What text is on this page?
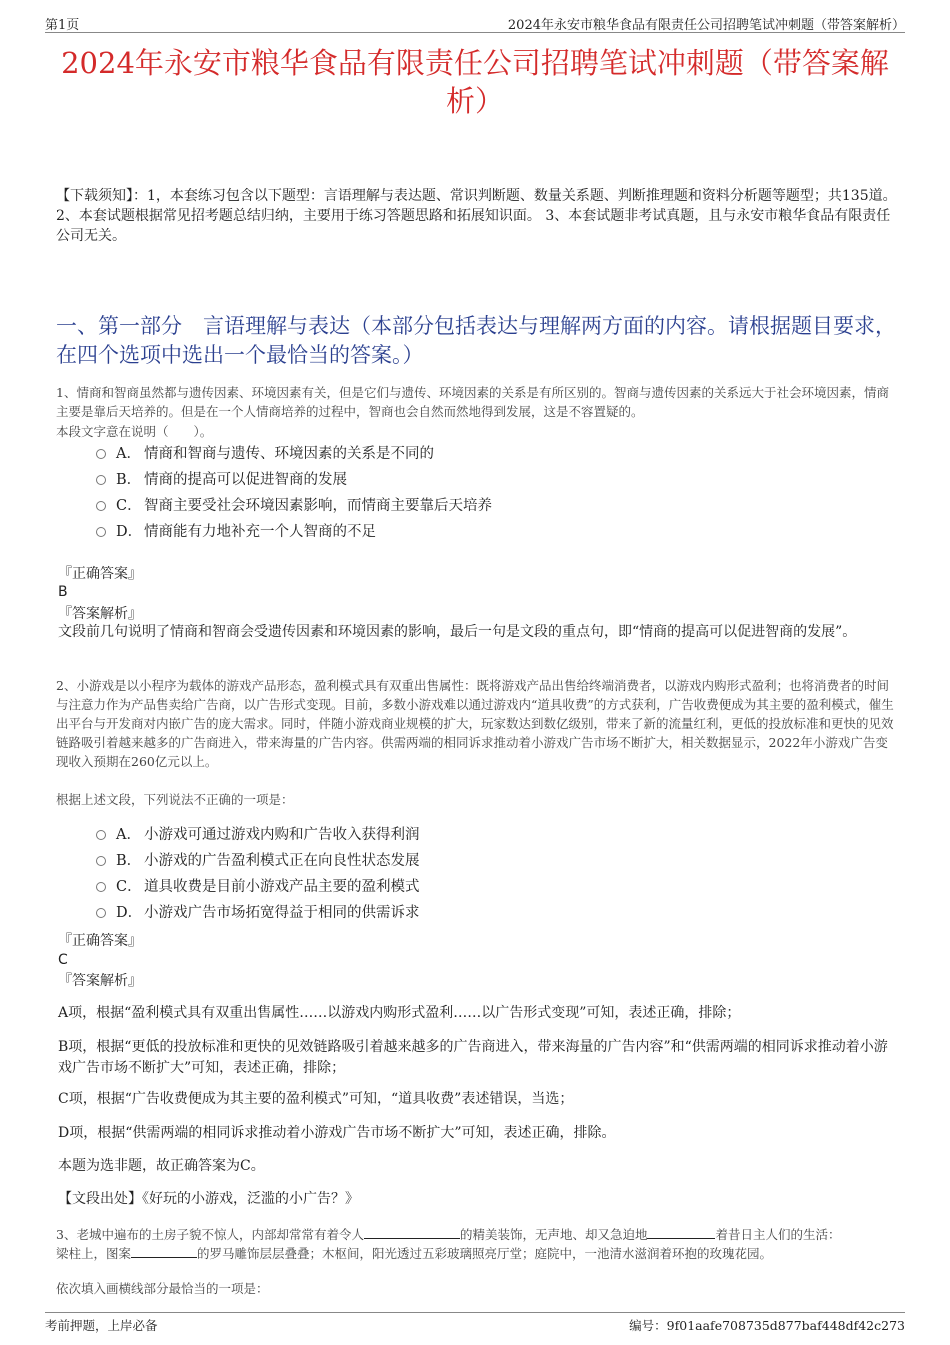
第1页	2024年永安市粮华食品有限责任公司招聘笔试冲刺题（带答案解析）
2024年永安市粮华食品有限责任公司招聘笔试冲刺题（带答案解析）
【下载须知】：1，本套练习包含以下题型：言语理解与表达题、常识判断题、数量关系题、判断推理题和资料分析题等题型；共135道。 2、本套试题根据常见招考题总结归纳，主要用于练习答题思路和拓展知识面。 3、本套试题非考试真题，且与永安市粮华食品有限责任公司无关。
一、第一部分　言语理解与表达（本部分包括表达与理解两方面的内容。请根据题目要求，在四个选项中选出一个最恰当的答案。）
1、情商和智商虽然都与遗传因素、环境因素有关，但是它们与遗传、环境因素的关系是有所区别的。智商与遗传因素的关系远大于社会环境因素，情商主要是靠后天培养的。但是在一个人情商培养的过程中，智商也会自然而然地得到发展，这是不容置疑的。
本段文字意在说明（　　）。
A． 情商和智商与遗传、环境因素的关系是不同的
B． 情商的提高可以促进智商的发展
C． 智商主要受社会环境因素影响，而情商主要靠后天培养
D． 情商能有力地补充一个人智商的不足
『正确答案』
B
『答案解析』
文段前几句说明了情商和智商会受遗传因素和环境因素的影响，最后一句是文段的重点句，即“情商的提高可以促进智商的发展”。
2、小游戏是以小程序为载体的游戏产品形态，盈利模式具有双重出售属性：既将游戏产品出售给终端消费者，以游戏内购形式盈利；也将消费者的时间与注意力作为产品售卖给广告商，以广告形式变现。目前，多数小游戏难以通过游戏内“道具收费”的方式获利，广告收费便成为其主要的盈利模式，催生出平台与开发商对内嵌广告的庞大需求。同时，伴随小游戏商业规模的扩大，玩家数达到数亿级别，带来了新的流量红利，更低的投放标准和更快的见效链路吸引着越来越多的广告商进入，带来海量的广告内容。供需两端的相同诉求推动着小游戏广告市场不断扩大，相关数据显示，2022年小游戏广告变现收入预期在260亿元以上。
根据上述文段，下列说法不正确的一项是：
A． 小游戏可通过游戏内购和广告收入获得利润
B． 小游戏的广告盈利模式正在向良性状态发展
C． 道具收费是目前小游戏产品主要的盈利模式
D． 小游戏广告市场拓宽得益于相同的供需诉求
『正确答案』
C
『答案解析』
A项，根据“盈利模式具有双重出售属性……以游戏内购形式盈利……以广告形式变现”可知，表述正确，排除；
B项，根据“更低的投放标准和更快的见效链路吸引着越来越多的广告商进入，带来海量的广告内容”和“供需两端的相同诉求推动着小游戏广告市场不断扩大”可知，表述正确，排除；
C项，根据“广告收费便成为其主要的盈利模式”可知，“道具收费”表述错误，当选；
D项，根据“供需两端的相同诉求推动着小游戏广告市场不断扩大”可知，表述正确，排除。
本题为选非题，故正确答案为C。
【文段出处】《好玩的小游戏，泛滥的小广告？》
3、老城中遍布的土房子貌不惊人，内部却常常有着令人	的精美装饰，无声地、却又急迫地	着昔日主人们的生活：
梁柱上，图案	的罗马雕饰层层叠叠；木枢间，阳光透过五彩玻璃照亮厅堂；庭院中，一池清水滋润着环抱的玫瑰花园。
依次填入画横线部分最恰当的一项是：
考前押题，上岸必备	编号：9f01aafe708735d877baf448df42c273
